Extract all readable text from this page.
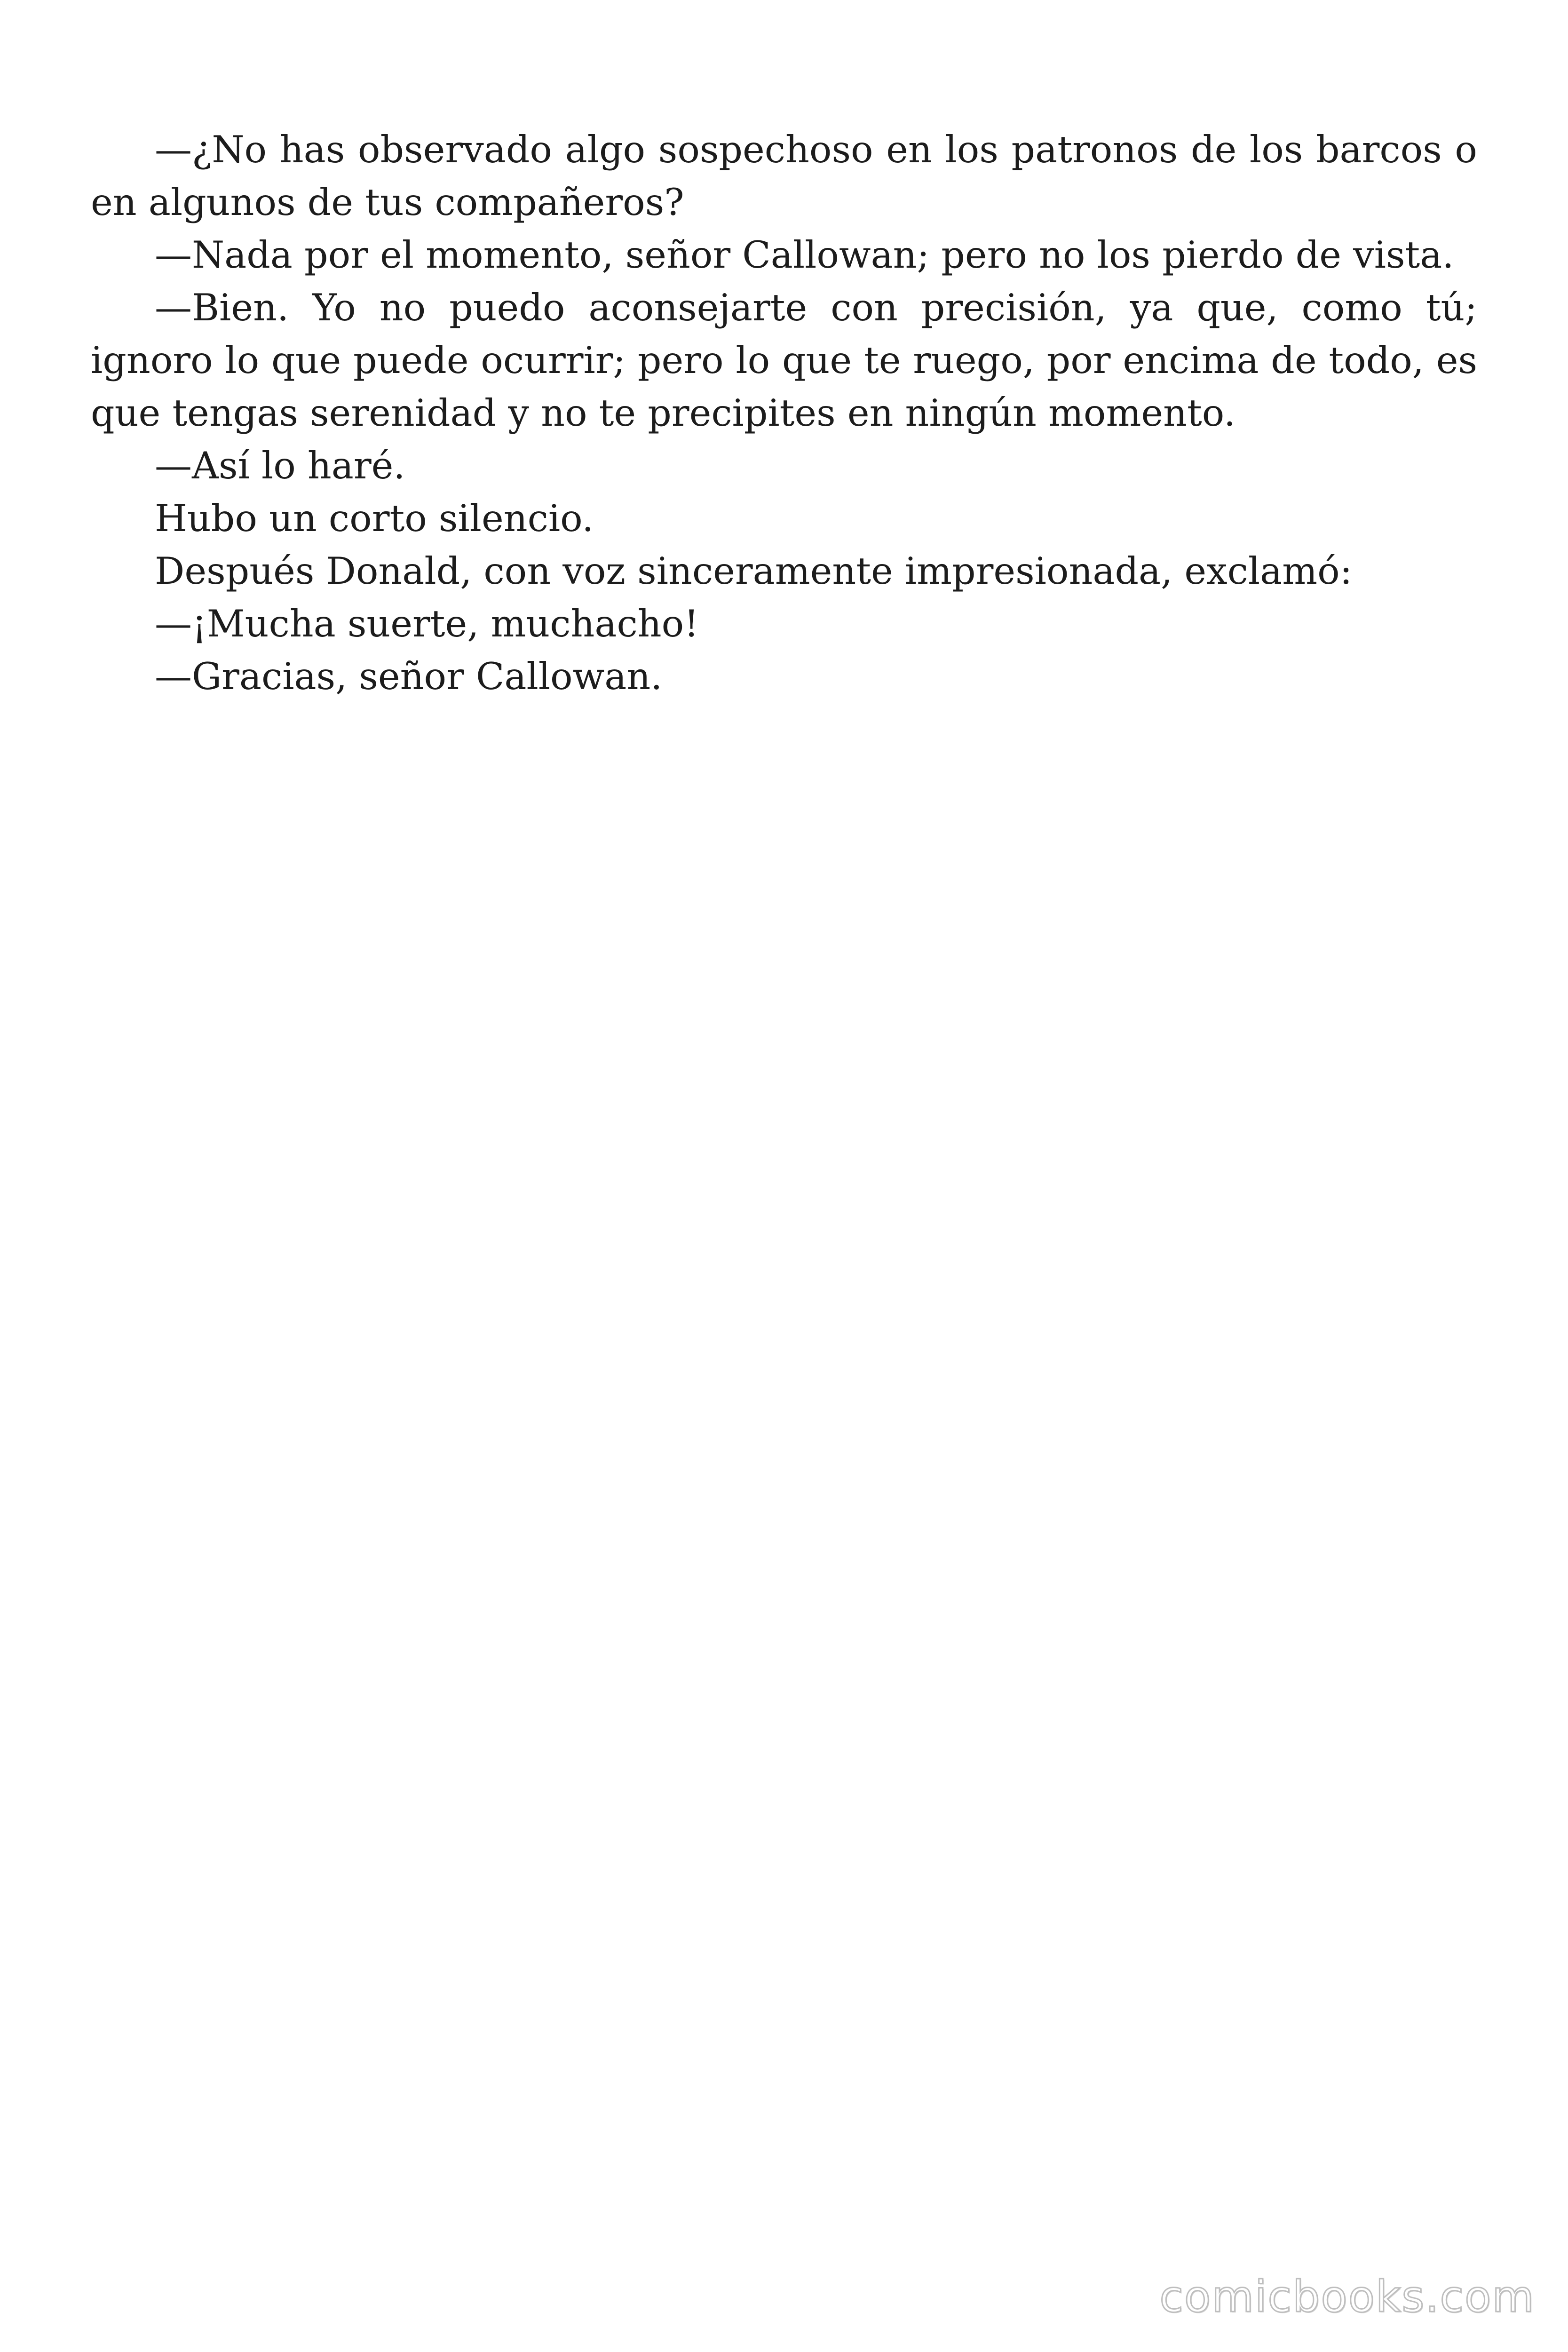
—¿No has observado algo sospechoso en los patronos de los barcos o en algunos de tus compañeros?

—Nada por el momento, señor Callowan; pero no los pierdo de vista.

—Bien. Yo no puedo aconsejarte con precisión, ya que, como tú; ignoro lo que puede ocurrir; pero lo que te ruego, por encima de todo, es que tengas serenidad y no te precipites en ningún momento.

—Así lo haré.

Hubo un corto silencio.

Después Donald, con voz sinceramente impresionada, exclamó:

—¡Mucha suerte, muchacho!

—Gracias, señor Callowan.

comicbooks.com
